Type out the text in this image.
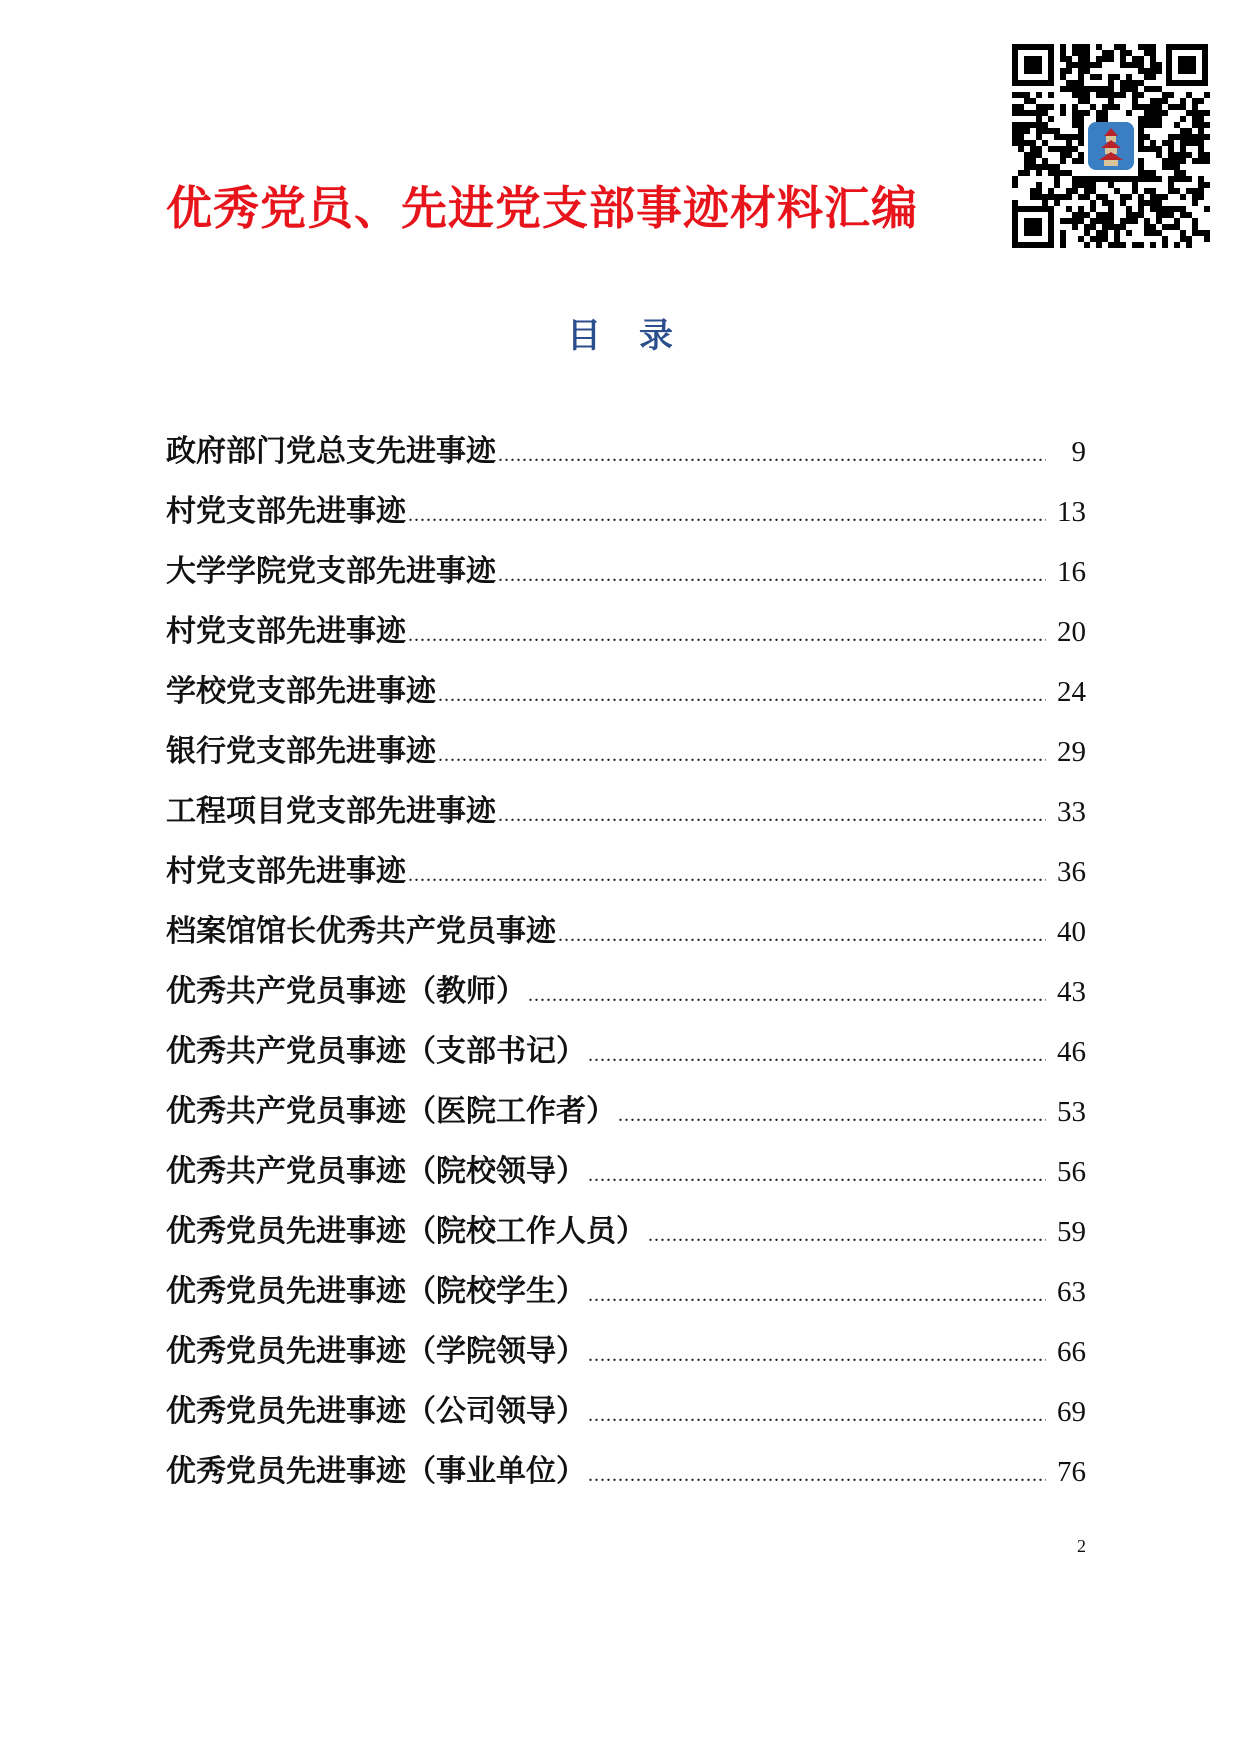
优秀党员、先进党支部事迹材料汇编
目 录
政府部门党总支先进事迹 .....	9
村党支部先进事迹 .....	13
大学学院党支部先进事迹 .....	16
村党支部先进事迹 .....	20
学校党支部先进事迹 .....	24
银行党支部先进事迹 .....	29
工程项目党支部先进事迹 .....	33
村党支部先进事迹 .....	36
档案馆馆长优秀共产党员事迹 .....	40
优秀共产党员事迹（教师） .....	43
优秀共产党员事迹（支部书记） .....	46
优秀共产党员事迹（医院工作者） .....	53
优秀共产党员事迹（院校领导） .....	56
优秀党员先进事迹（院校工作人员） .....	59
优秀党员先进事迹（院校学生） .....	63
优秀党员先进事迹（学院领导） .....	66
优秀党员先进事迹（公司领导） .....	69
优秀党员先进事迹（事业单位） .....	76
2
